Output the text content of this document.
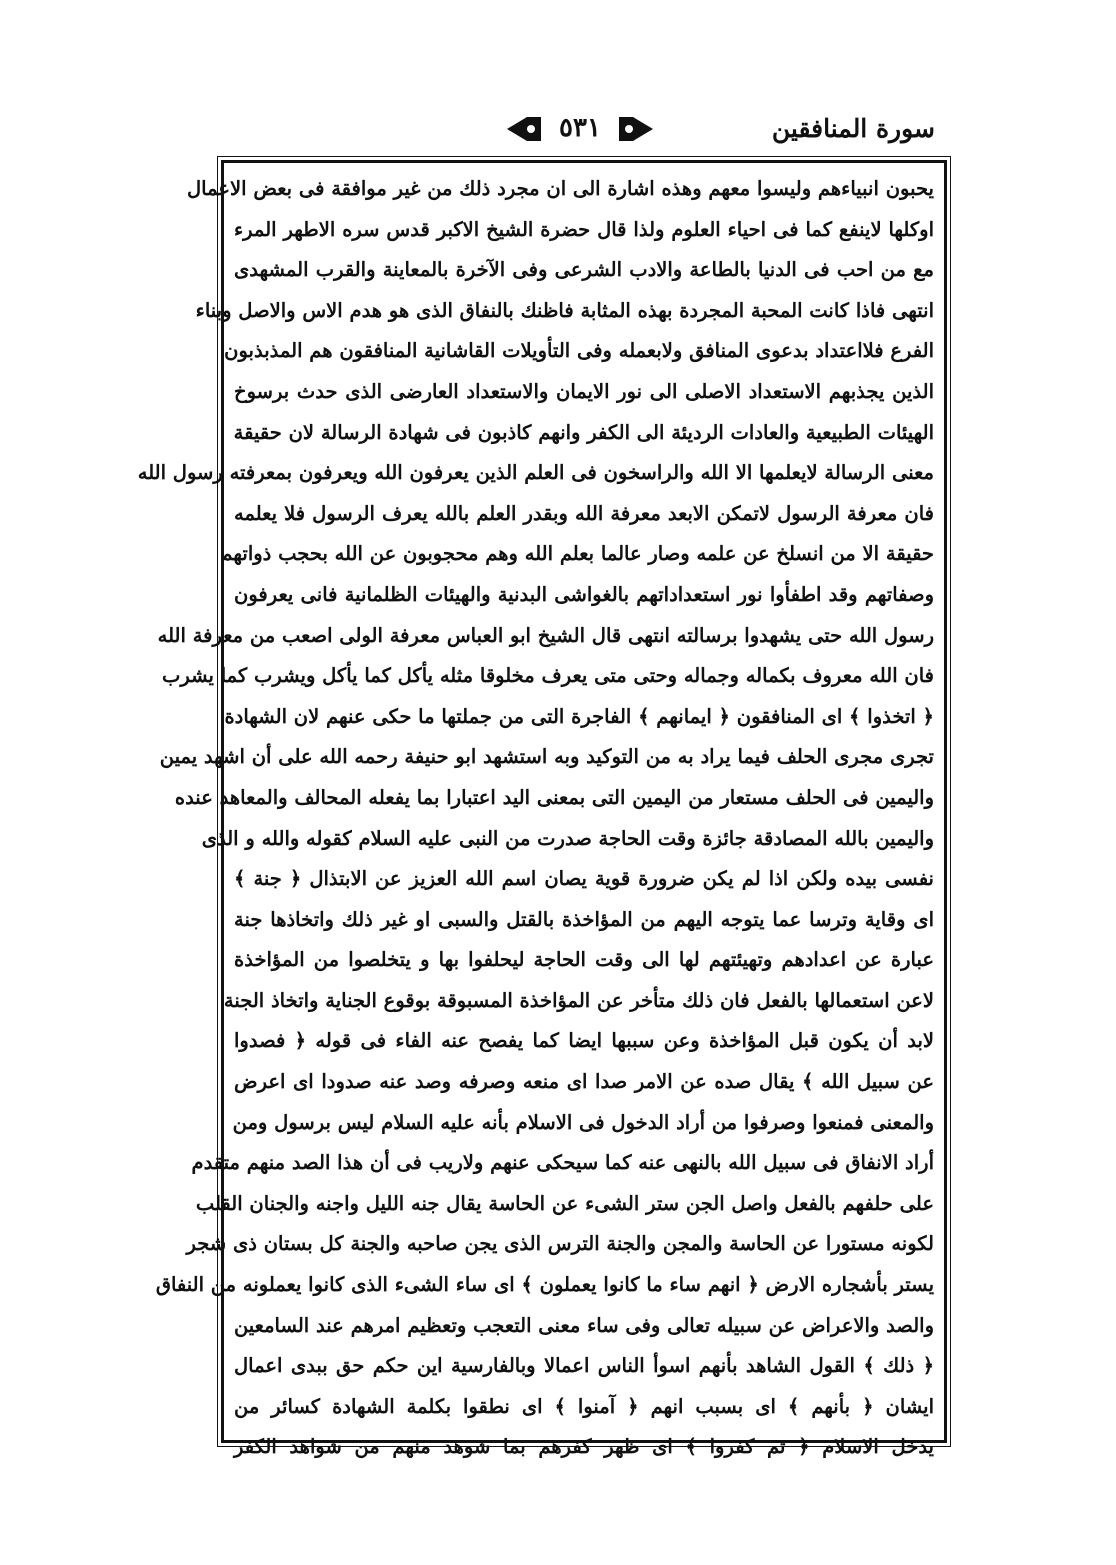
سورة المنافقين
٥٣١
يحبون انبياءهم وليسوا معهم وهذه اشارة الى ان مجرد ذلك من غير موافقة فى بعض الاعمال
اوكلها لاينفع كما فى احياء العلوم ولذا قال حضرة الشيخ الاكبر قدس سره الاطهر المرء
مع من احب فى الدنيا بالطاعة والادب الشرعى وفى الآخرة بالمعاينة والقرب المشهدى
انتهى فاذا كانت المحبة المجردة بهذه المثابة فاظنك بالنفاق الذى هو هدم الاس والاصل وبناء
الفرع فلااعتداد بدعوى المنافق ولابعمله وفى التأويلات القاشانية المنافقون هم المذبذبون
الذين يجذبهم الاستعداد الاصلى الى نور الايمان والاستعداد العارضى الذى حدث برسوخ
الهيئات الطبيعية والعادات الرديئة الى الكفر وانهم كاذبون فى شهادة الرسالة لان حقيقة
معنى الرسالة لايعلمها الا الله والراسخون فى العلم الذين يعرفون الله ويعرفون بمعرفته رسول الله
فان معرفة الرسول لاتمكن الابعد معرفة الله وبقدر العلم بالله يعرف الرسول فلا يعلمه
حقيقة الا من انسلخ عن علمه وصار عالما بعلم الله وهم محجوبون عن الله بحجب ذواتهم
وصفاتهم وقد اطفأوا نور استعداداتهم بالغواشى البدنية والهيئات الظلمانية فانى يعرفون
رسول الله حتى يشهدوا برسالته انتهى قال الشيخ ابو العباس معرفة الولى اصعب من معرفة الله
فان الله معروف بكماله وجماله وحتى متى يعرف مخلوقا مثله يأكل كما يأكل ويشرب كما يشرب
﴿ اتخذوا ﴾ اى المنافقون ﴿ ايمانهم ﴾ الفاجرة التى من جملتها ما حكى عنهم لان الشهادة
تجرى مجرى الحلف فيما يراد به من التوكيد وبه استشهد ابو حنيفة رحمه الله على أن اشهد يمين
واليمين فى الحلف مستعار من اليمين التى بمعنى اليد اعتبارا بما يفعله المحالف والمعاهد عنده
واليمين بالله المصادقة جائزة وقت الحاجة صدرت من النبى عليه السلام كقوله والله و الذى
نفسى بيده ولكن اذا لم يكن ضرورة قوية يصان اسم الله العزيز عن الابتذال ﴿ جنة ﴾
اى وقاية وترسا عما يتوجه اليهم من المؤاخذة بالقتل والسبى او غير ذلك واتخاذها جنة
عبارة عن اعدادهم وتهيئتهم لها الى وقت الحاجة ليحلفوا بها و يتخلصوا من المؤاخذة
لاعن استعمالها بالفعل فان ذلك متأخر عن المؤاخذة المسبوقة بوقوع الجناية واتخاذ الجنة
لابد أن يكون قبل المؤاخذة وعن سببها ايضا كما يفصح عنه الفاء فى قوله ﴿ فصدوا
عن سبيل الله ﴾ يقال صده عن الامر صدا اى منعه وصرفه وصد عنه صدودا اى اعرض
والمعنى فمنعوا وصرفوا من أراد الدخول فى الاسلام بأنه عليه السلام ليس برسول ومن
أراد الانفاق فى سبيل الله بالنهى عنه كما سيحكى عنهم ولاريب فى أن هذا الصد منهم متقدم
على حلفهم بالفعل واصل الجن ستر الشىء عن الحاسة يقال جنه الليل واجنه والجنان القلب
لكونه مستورا عن الحاسة والمجن والجنة الترس الذى يجن صاحبه والجنة كل بستان ذى شجر
يستر بأشجاره الارض ﴿ انهم ساء ما كانوا يعملون ﴾ اى ساء الشىء الذى كانوا يعملونه من النفاق
والصد والاعراض عن سبيله تعالى وفى ساء معنى التعجب وتعظيم امرهم عند السامعين
﴿ ذلك ﴾ القول الشاهد بأنهم اسوأ الناس اعمالا وبالفارسية اين حكم حق ببدى اعمال
ايشان ﴿ بأنهم ﴾ اى بسبب انهم ﴿ آمنوا ﴾ اى نطقوا بكلمة الشهادة كسائر من
يدخل الاسلام ﴿ ثم كفروا ﴾ اى ظهر كفرهم بما شوهد منهم من شواهد الكفر
